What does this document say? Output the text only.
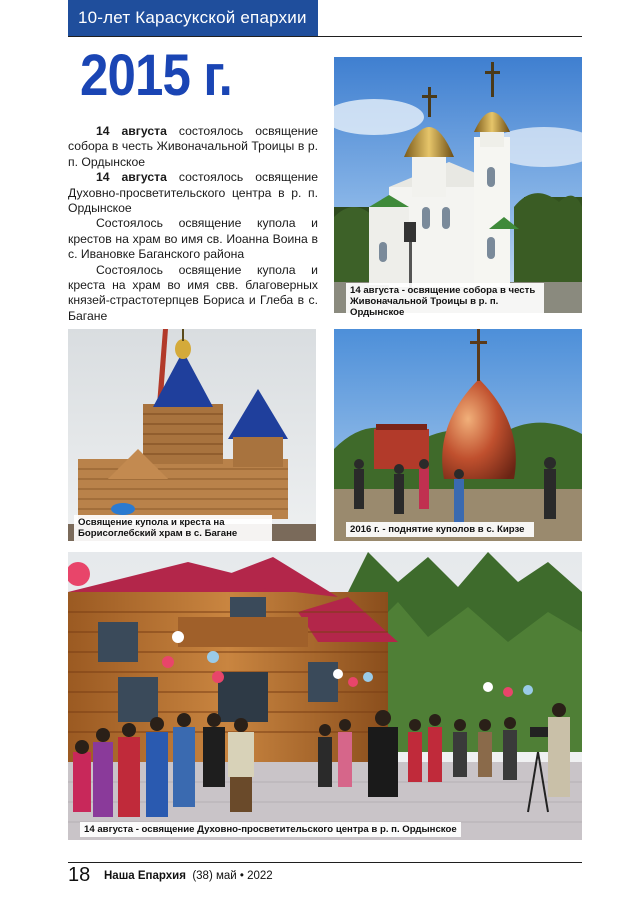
10-лет Карасукской епархии
2015 г.

14 августа состоялось освящение собора в честь Живоначальной Троицы в р. п. Ордынское

14 августа состоялось освящение Духовно-просветительского центра в р. п. Ордынское

Состоялось освящение купола и крестов на храм во имя св. Иоанна Воина в с. Ивановке Баганского района

Состоялось освящение купола и креста на храм во имя свв. благоверных князей-страстотерпцев Бориса и Глеба в с. Багане

14 августа - освящение собора в честь Живоначальной Троицы в р. п. Ордынское
Освящение купола и креста на Борисоглебский храм в с. Багане	2016 г. - поднятие куполов в с. Кирзе
14 августа - освящение Духовно-просветительского центра в р. п. Ордынское
18 Наша Епархия (38) май • 2022
